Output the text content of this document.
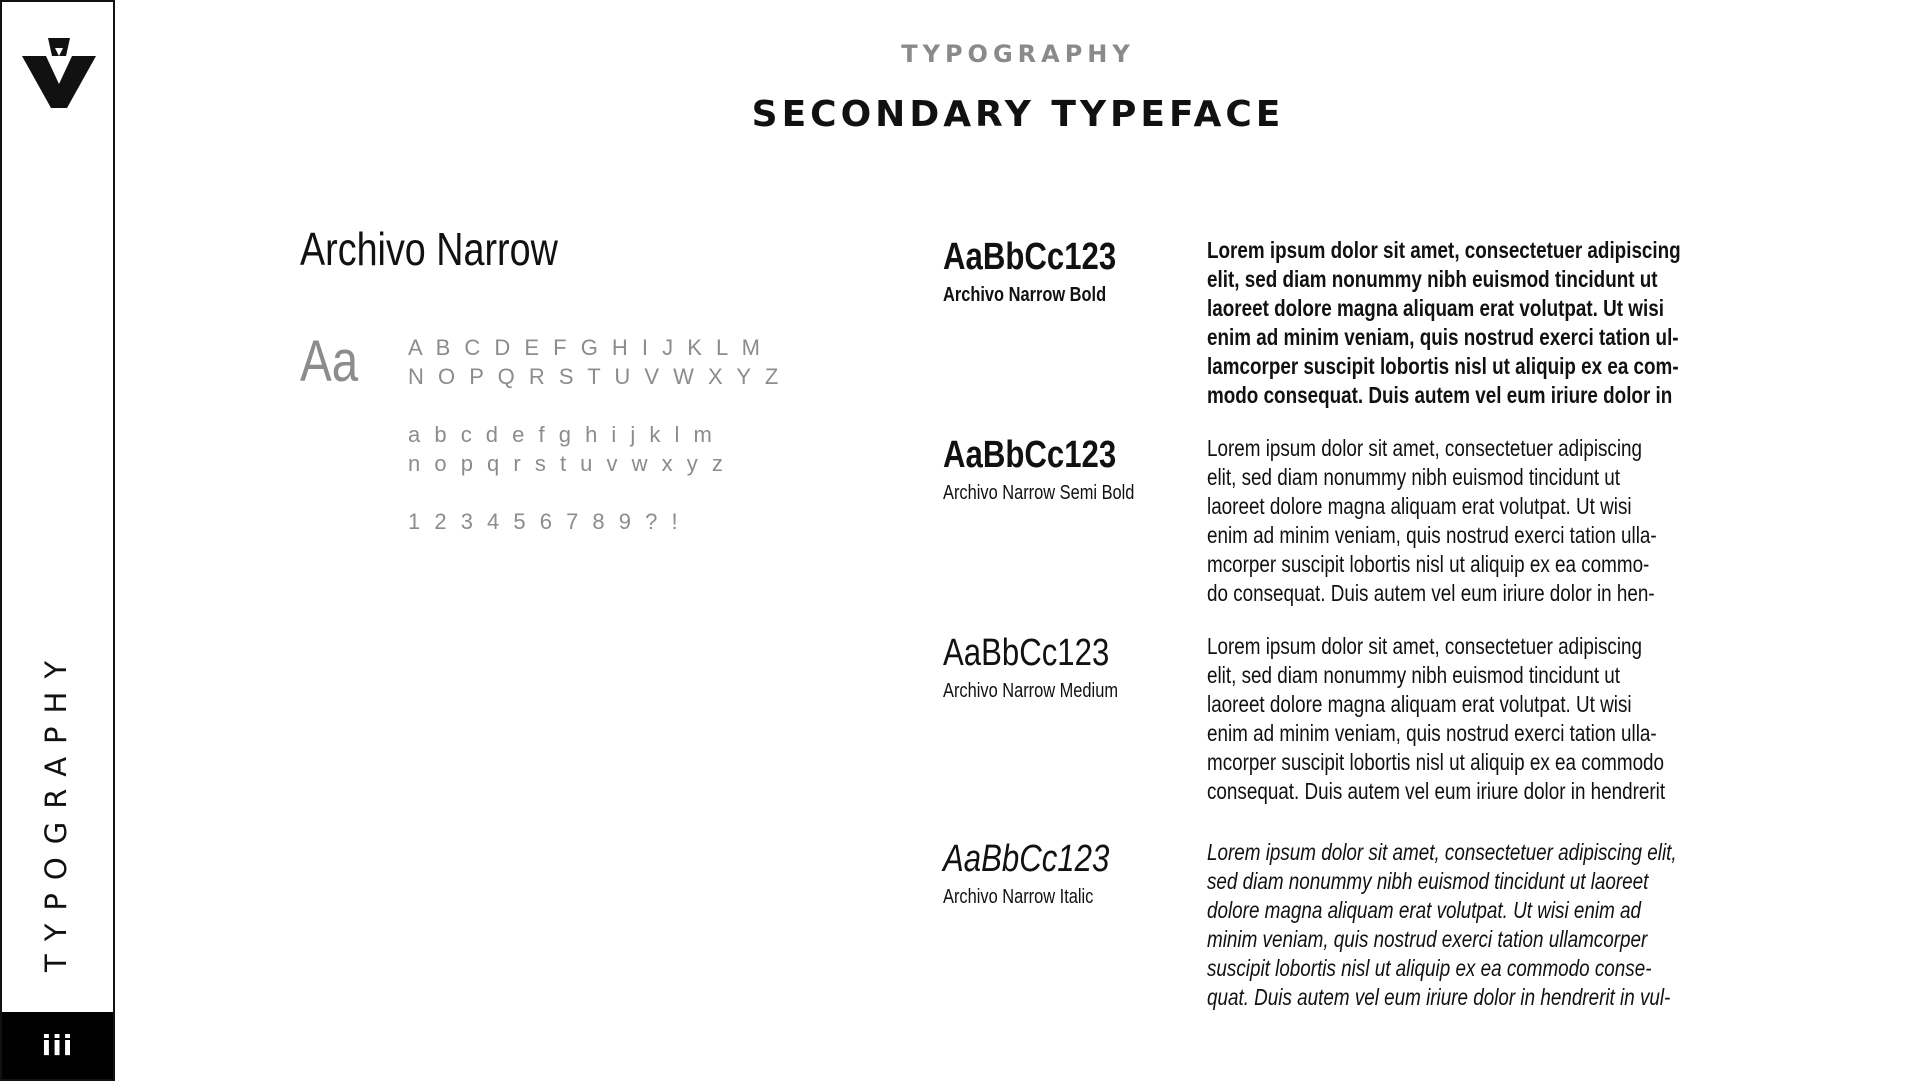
TYPOGRAPHY
iii
TYPOGRAPHY
SECONDARY TYPEFACE
Archivo Narrow
Aa A B C D E F G H I J K L M
N O P Q R S T U V W X Y Z
a b c d e f g h i j k l m
n o p q r s t u v w x y z
1 2 3 4 5 6 7 8 9 ? !
AaBbCc123
Archivo Narrow Bold
Lorem ipsum dolor sit amet, consectetuer adipiscing
elit, sed diam nonummy nibh euismod tincidunt ut
laoreet dolore magna aliquam erat volutpat. Ut wisi
enim ad minim veniam, quis nostrud exerci tation ul-
lamcorper suscipit lobortis nisl ut aliquip ex ea com-
modo consequat. Duis autem vel eum iriure dolor in
AaBbCc123
Archivo Narrow Semi Bold
Lorem ipsum dolor sit amet, consectetuer adipiscing
elit, sed diam nonummy nibh euismod tincidunt ut
laoreet dolore magna aliquam erat volutpat. Ut wisi
enim ad minim veniam, quis nostrud exerci tation ulla-
mcorper suscipit lobortis nisl ut aliquip ex ea commo-
do consequat. Duis autem vel eum iriure dolor in hen-
AaBbCc123
Archivo Narrow Medium
Lorem ipsum dolor sit amet, consectetuer adipiscing
elit, sed diam nonummy nibh euismod tincidunt ut
laoreet dolore magna aliquam erat volutpat. Ut wisi
enim ad minim veniam, quis nostrud exerci tation ulla-
mcorper suscipit lobortis nisl ut aliquip ex ea commodo
consequat. Duis autem vel eum iriure dolor in hendrerit
AaBbCc123
Archivo Narrow Italic
Lorem ipsum dolor sit amet, consectetuer adipiscing elit,
sed diam nonummy nibh euismod tincidunt ut laoreet
dolore magna aliquam erat volutpat. Ut wisi enim ad
minim veniam, quis nostrud exerci tation ullamcorper
suscipit lobortis nisl ut aliquip ex ea commodo conse-
quat. Duis autem vel eum iriure dolor in hendrerit in vul-
